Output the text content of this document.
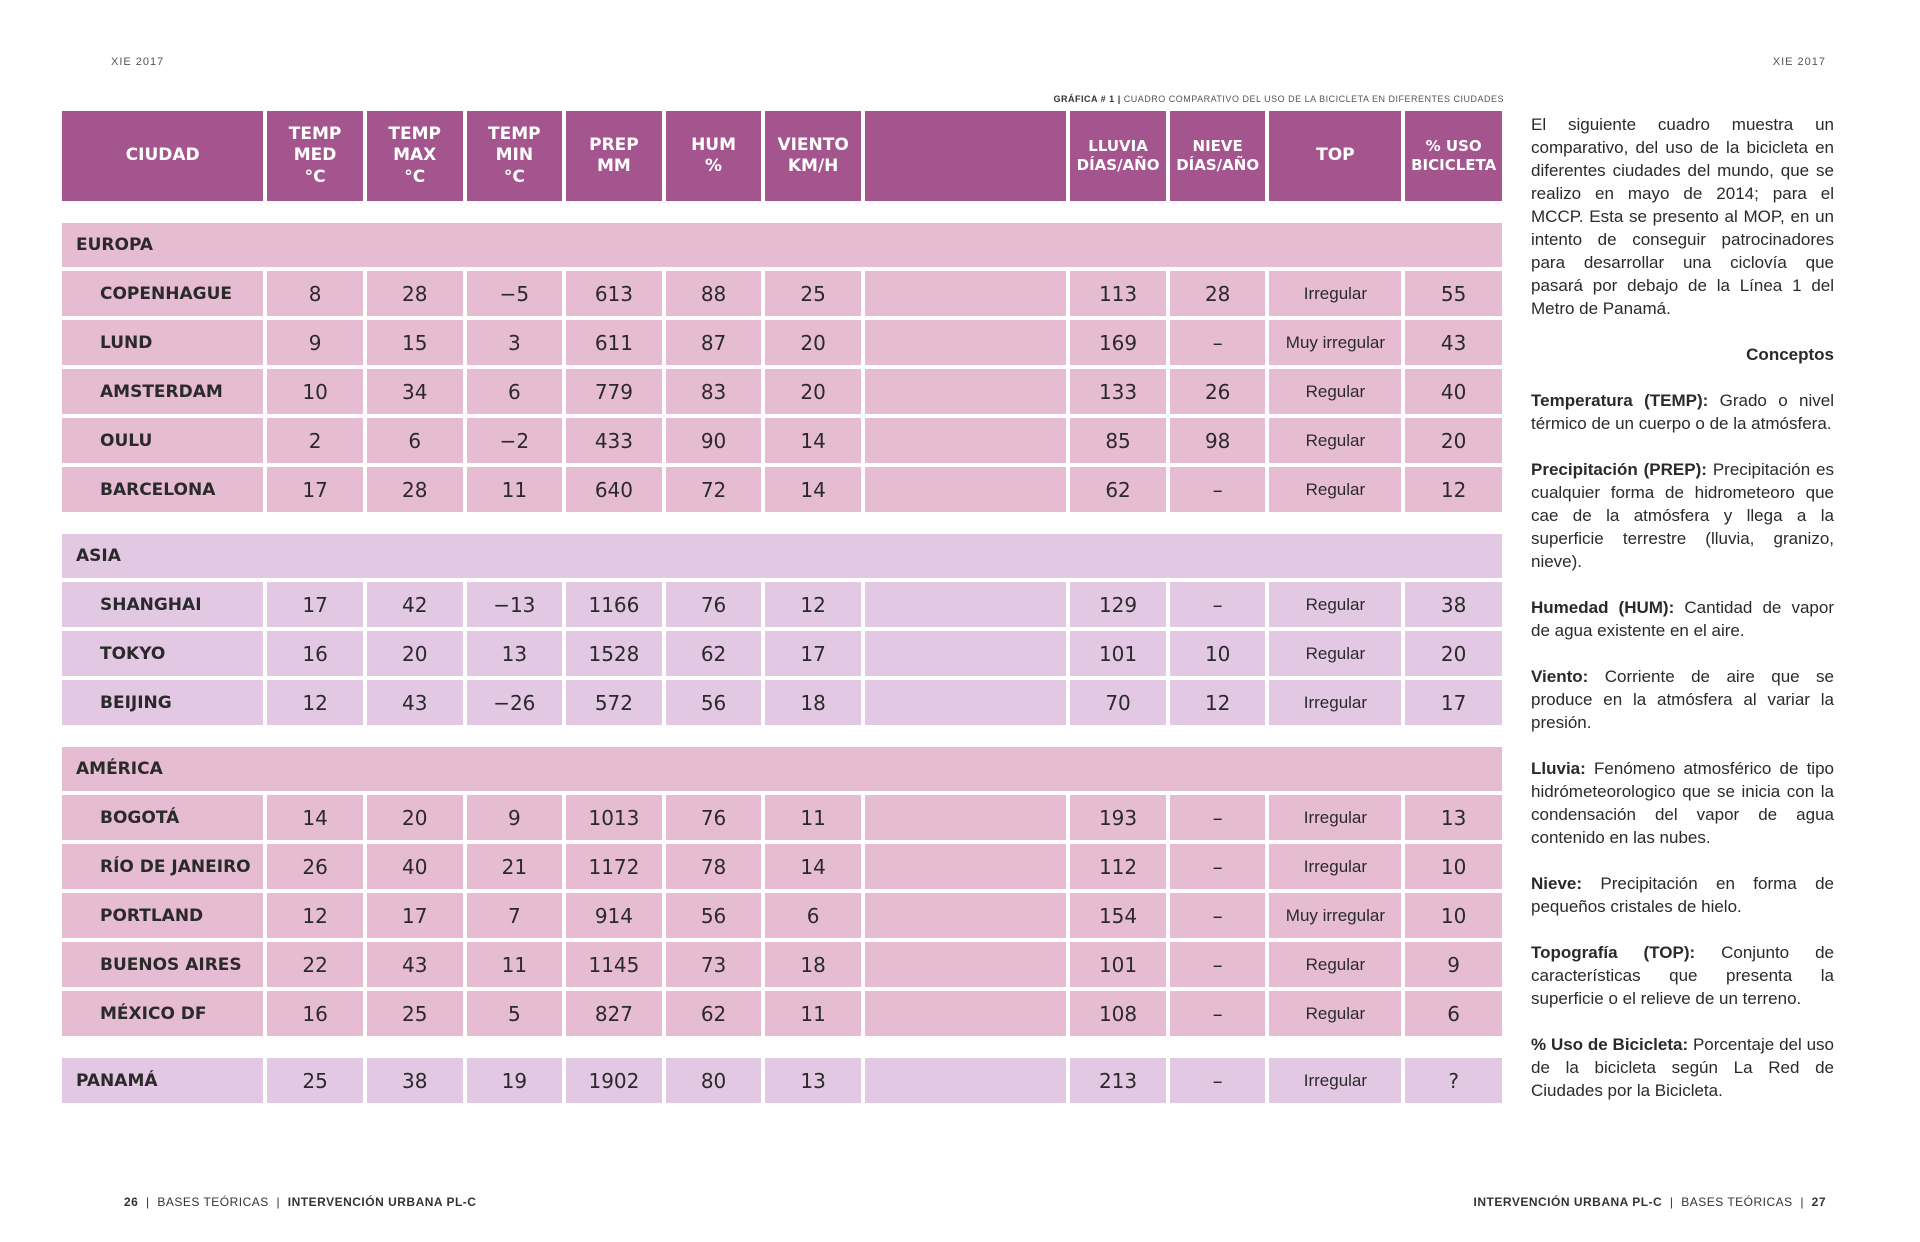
XIE 2017	XIE 2017
GRÁFICA # 1 | CUADRO COMPARATIVO DEL USO DE LA BICICLETA EN DIFERENTES CIUDADES
CIUDAD	TEMP
MED
°C	TEMP
MAX
°C	TEMP
MIN
°C	PREP
MM	HUM
%	VIENTO
KM/H		LLUVIA
DÍAS/AÑO	NIEVE
DÍAS/AÑO	TOP	% USO
BICICLETA

EUROPA											
COPENHAGUE	8	28	−5	613	88	25		113	28	Irregular	55
LUND	9	15	3	611	87	20		169	–	Muy irregular	43
AMSTERDAM	10	34	6	779	83	20		133	26	Regular	40
OULU	2	6	−2	433	90	14		85	98	Regular	20
BARCELONA	17	28	11	640	72	14		62	–	Regular	12

ASIA											
SHANGHAI	17	42	−13	1166	76	12		129	–	Regular	38
TOKYO	16	20	13	1528	62	17		101	10	Regular	20
BEIJING	12	43	−26	572	56	18		70	12	Irregular	17

AMÉRICA											
BOGOTÁ	14	20	9	1013	76	11		193	–	Irregular	13
RÍO DE JANEIRO	26	40	21	1172	78	14		112	–	Irregular	10
PORTLAND	12	17	7	914	56	6		154	–	Muy irregular	10
BUENOS AIRES	22	43	11	1145	73	18		101	–	Regular	9
MÉXICO DF	16	25	5	827	62	11		108	–	Regular	6

PANAMÁ	25	38	19	1902	80	13		213	–	Irregular	?

El siguiente cuadro muestra un comparativo, del uso de la bicicleta en diferentes ciudades del mundo, que se realizo en mayo de 2014; para el MCCP. Esta se presento al MOP, en un intento de conseguir patrocinadores para desarrollar una ciclovía que pasará por debajo de la Línea 1 del Metro de Panamá.

Conceptos

Temperatura (TEMP): Grado o nivel térmico de un cuerpo o de la atmósfera.

Precipitación (PREP): Precipitación es cualquier forma de hidrometeoro que cae de la atmósfera y llega a la superficie terrestre (lluvia, granizo, nieve).

Humedad (HUM): Cantidad de vapor de agua existente en el aire.

Viento: Corriente de aire que se produce en la atmósfera al variar la presión.

Lluvia: Fenómeno atmosférico de tipo hidrómeteorologico que se inicia con la condensación del vapor de agua contenido en las nubes.

Nieve: Precipitación en forma de pequeños cristales de hielo.

Topografía (TOP): Conjunto de características que presenta la superficie o el relieve de un terreno.

% Uso de Bicicleta: Porcentaje del uso de la bicicleta según La Red de Ciudades por la Bicicleta.

26 | BASES TEÓRICAS | INTERVENCIÓN URBANA PL-C	INTERVENCIÓN URBANA PL-C | BASES TEÓRICAS | 27
